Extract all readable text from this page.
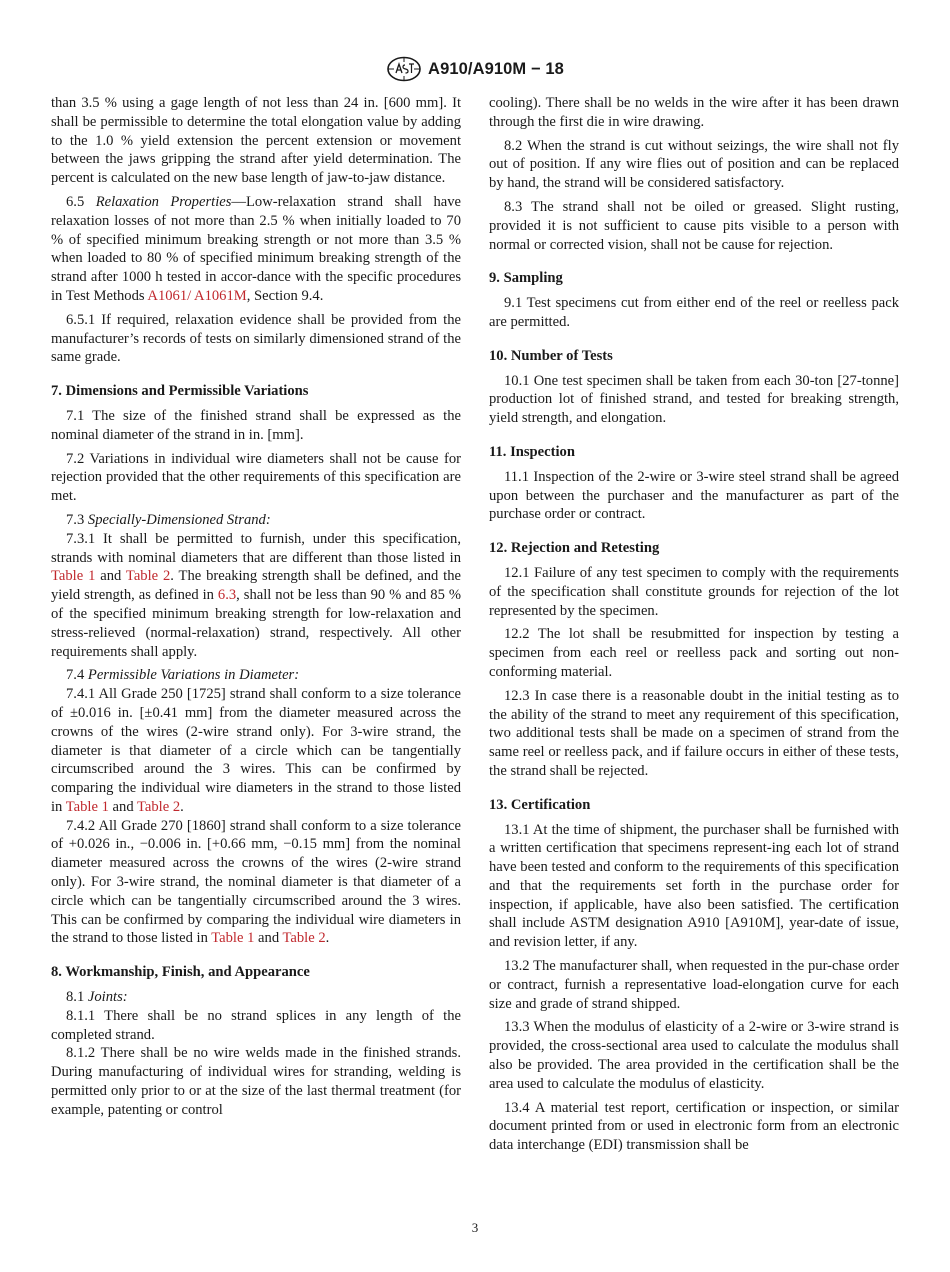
A910/A910M − 18

than 3.5 % using a gage length of not less than 24 in. [600 mm]. It shall be permissible to determine the total elongation value by adding to the 1.0 % yield extension the percent extension or movement between the jaws gripping the strand after yield determination. The percent is calculated on the new base length of jaw-to-jaw distance.

6.5 Relaxation Properties—Low-relaxation strand shall have relaxation losses of not more than 2.5 % when initially loaded to 70 % of specified minimum breaking strength or not more than 3.5 % when loaded to 80 % of specified minimum breaking strength of the strand after 1000 h tested in accor-dance with the specific procedures in Test Methods A1061/ A1061M, Section 9.4.

6.5.1 If required, relaxation evidence shall be provided from the manufacturer’s records of tests on similarly dimensioned strand of the same grade.

7. Dimensions and Permissible Variations

7.1 The size of the finished strand shall be expressed as the nominal diameter of the strand in in. [mm].

7.2 Variations in individual wire diameters shall not be cause for rejection provided that the other requirements of this specification are met.

7.3 Specially-Dimensioned Strand:

7.3.1 It shall be permitted to furnish, under this specification, strands with nominal diameters that are different than those listed in Table 1 and Table 2. The breaking strength shall be defined, and the yield strength, as defined in 6.3, shall not be less than 90 % and 85 % of the specified minimum breaking strength for low-relaxation and stress-relieved (normal-relaxation) strand, respectively. All other requirements shall apply.

7.4 Permissible Variations in Diameter:

7.4.1 All Grade 250 [1725] strand shall conform to a size tolerance of ±0.016 in. [±0.41 mm] from the diameter measured across the crowns of the wires (2-wire strand only). For 3-wire strand, the diameter is that diameter of a circle which can be tangentially circumscribed around the 3 wires. This can be confirmed by comparing the individual wire diameters in the strand to those listed in Table 1 and Table 2.

7.4.2 All Grade 270 [1860] strand shall conform to a size tolerance of +0.026 in., −0.006 in. [+0.66 mm, −0.15 mm] from the nominal diameter measured across the crowns of the wires (2-wire strand only). For 3-wire strand, the nominal diameter is that diameter of a circle which can be tangentially circumscribed around the 3 wires. This can be confirmed by comparing the individual wire diameters in the strand to those listed in Table 1 and Table 2.

8. Workmanship, Finish, and Appearance

8.1 Joints:

8.1.1 There shall be no strand splices in any length of the completed strand.

8.1.2 There shall be no wire welds made in the finished strands. During manufacturing of individual wires for stranding, welding is permitted only prior to or at the size of the last thermal treatment (for example, patenting or control

cooling). There shall be no welds in the wire after it has been drawn through the first die in wire drawing.

8.2 When the strand is cut without seizings, the wire shall not fly out of position. If any wire flies out of position and can be replaced by hand, the strand will be considered satisfactory.

8.3 The strand shall not be oiled or greased. Slight rusting, provided it is not sufficient to cause pits visible to a person with normal or corrected vision, shall not be cause for rejection.

9. Sampling

9.1 Test specimens cut from either end of the reel or reelless pack are permitted.

10. Number of Tests

10.1 One test specimen shall be taken from each 30-ton [27-tonne] production lot of finished strand, and tested for breaking strength, yield strength, and elongation.

11. Inspection

11.1 Inspection of the 2-wire or 3-wire steel strand shall be agreed upon between the purchaser and the manufacturer as part of the purchase order or contract.

12. Rejection and Retesting

12.1 Failure of any test specimen to comply with the requirements of the specification shall constitute grounds for rejection of the lot represented by the specimen.

12.2 The lot shall be resubmitted for inspection by testing a specimen from each reel or reelless pack and sorting out non-conforming material.

12.3 In case there is a reasonable doubt in the initial testing as to the ability of the strand to meet any requirement of this specification, two additional tests shall be made on a specimen of strand from the same reel or reelless pack, and if failure occurs in either of these tests, the strand shall be rejected.

13. Certification

13.1 At the time of shipment, the purchaser shall be furnished with a written certification that specimens represent-ing each lot of strand have been tested and conform to the requirements of this specification and that the requirements set forth in the purchase order for inspection, if applicable, have also been satisfied. The certification shall include ASTM designation A910 [A910M], year-date of issue, and revision letter, if any.

13.2 The manufacturer shall, when requested in the pur-chase order or contract, furnish a representative load-elongation curve for each size and grade of strand shipped.

13.3 When the modulus of elasticity of a 2-wire or 3-wire strand is provided, the cross-sectional area used to calculate the modulus shall also be provided. The area provided in the certification shall be the area used to calculate the modulus of elasticity.

13.4 A material test report, certification or inspection, or similar document printed from or used in electronic form from an electronic data interchange (EDI) transmission shall be

3
